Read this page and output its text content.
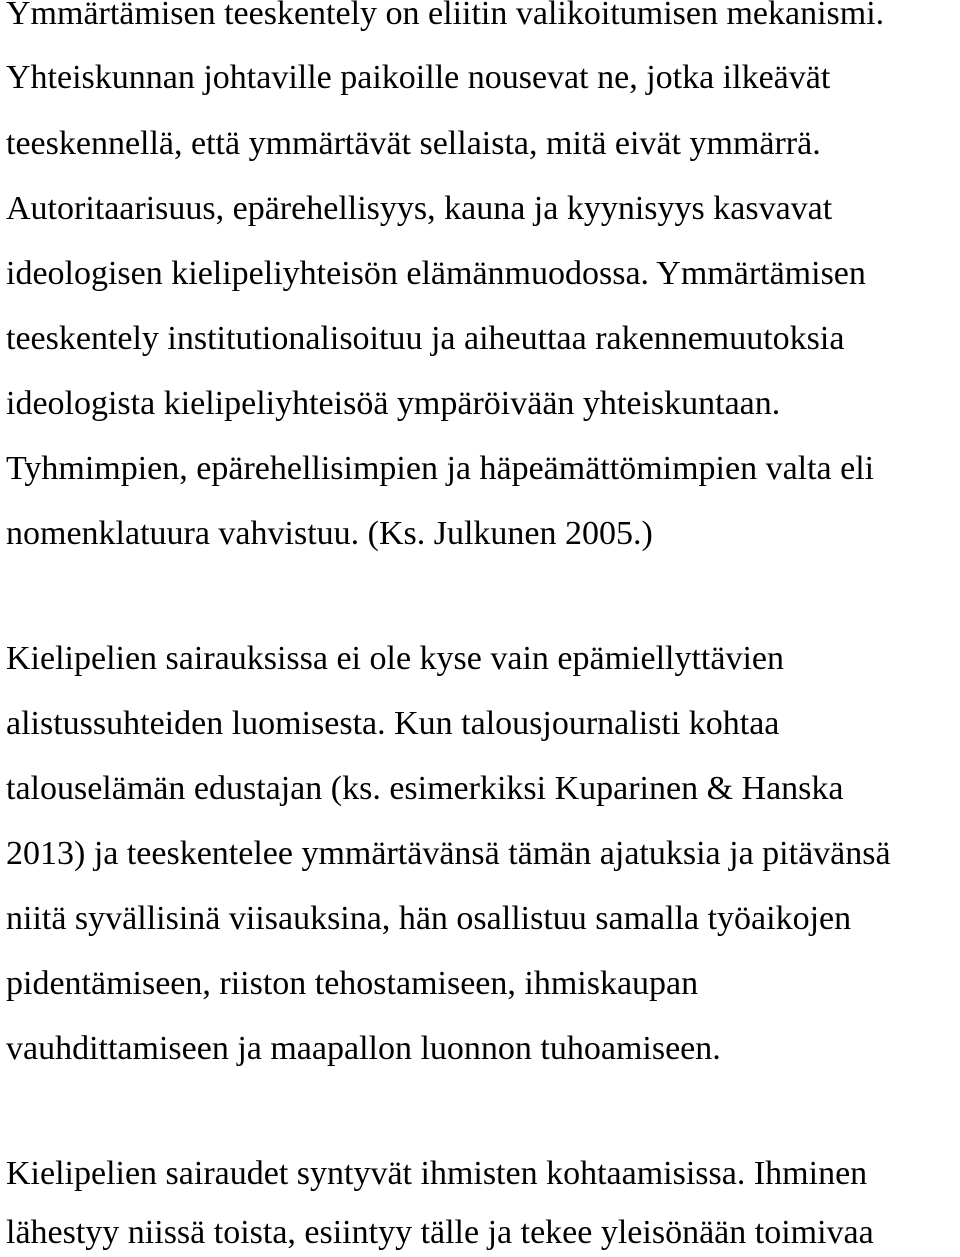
Ymmärtämisen teeskentely on eliitin valikoitumisen mekanismi.
Yhteiskunnan johtaville paikoille nousevat ne, jotka ilkeävät
teeskennellä, että ymmärtävät sellaista, mitä eivät ymmärrä.
Autoritaarisuus, epärehellisyys, kauna ja kyynisyys kasvavat
ideologisen kielipeliyhteisön elämänmuodossa. Ymmärtämisen
teeskentely institutionalisoituu ja aiheuttaa rakennemuutoksia
ideologista kielipeliyhteisöä ympäröivään yhteiskuntaan.
Tyhmimpien, epärehellisimpien ja häpeämättömimpien valta eli
nomenklatuura vahvistuu. (Ks. Julkunen 2005.)
Kielipelien sairauksissa ei ole kyse vain epämiellyttävien
alistussuhteiden luomisesta. Kun talousjournalisti kohtaa
talouselämän edustajan (ks. esimerkiksi Kuparinen & Hanska
2013) ja teeskentelee ymmärtävänsä tämän ajatuksia ja pitävänsä
niitä syvällisinä viisauksina, hän osallistuu samalla työaikojen
pidentämiseen, riiston tehostamiseen, ihmiskaupan
vauhdittamiseen ja maapallon luonnon tuhoamiseen.
Kielipelien sairaudet syntyvät ihmisten kohtaamisissa. Ihminen
lähestyy niissä toista, esiintyy tälle ja tekee yleisönään toimivaa
